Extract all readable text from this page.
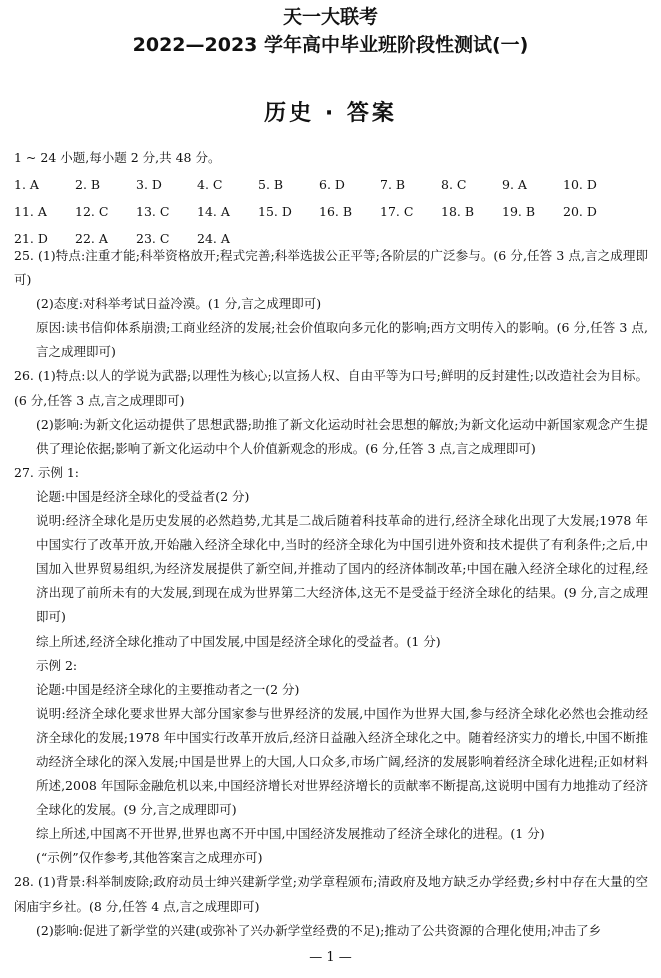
天一大联考
2022—2023 学年高中毕业班阶段性测试(一)
历史 · 答案
1 ~ 24 小题,每小题 2 分,共 48 分。
1. A	2. B	3. D	4. C	5. B	6. D	7. B	8. C	9. A	10. D
11. A	12. C	13. C	14. A	15. D	16. B	17. C	18. B	19. B	20. D
21. D	22. A	23. C	24. A

25. (1)特点:注重才能;科举资格放开;程式完善;科举选拔公正平等;各阶层的广泛参与。(6 分,任答 3 点,言之成理即可)

(2)态度:对科举考试日益冷漠。(1 分,言之成理即可)

原因:读书信仰体系崩溃;工商业经济的发展;社会价值取向多元化的影响;西方文明传入的影响。(6 分,任答 3 点,言之成理即可)

26. (1)特点:以人的学说为武器;以理性为核心;以宣扬人权、自由平等为口号;鲜明的反封建性;以改造社会为目标。(6 分,任答 3 点,言之成理即可)

(2)影响:为新文化运动提供了思想武器;助推了新文化运动时社会思想的解放;为新文化运动中新国家观念产生提供了理论依据;影响了新文化运动中个人价值新观念的形成。(6 分,任答 3 点,言之成理即可)

27. 示例 1:

论题:中国是经济全球化的受益者(2 分)

说明:经济全球化是历史发展的必然趋势,尤其是二战后随着科技革命的进行,经济全球化出现了大发展;1978 年中国实行了改革开放,开始融入经济全球化中,当时的经济全球化为中国引进外资和技术提供了有利条件;之后,中国加入世界贸易组织,为经济发展提供了新空间,并推动了国内的经济体制改革;中国在融入经济全球化的过程,经济出现了前所未有的大发展,到现在成为世界第二大经济体,这无不是受益于经济全球化的结果。(9 分,言之成理即可)

综上所述,经济全球化推动了中国发展,中国是经济全球化的受益者。(1 分)

示例 2:

论题:中国是经济全球化的主要推动者之一(2 分)

说明:经济全球化要求世界大部分国家参与世界经济的发展,中国作为世界大国,参与经济全球化必然也会推动经济全球化的发展;1978 年中国实行改革开放后,经济日益融入经济全球化之中。随着经济实力的增长,中国不断推动经济全球化的深入发展;中国是世界上的大国,人口众多,市场广阔,经济的发展影响着经济全球化进程;正如材料所述,2008 年国际金融危机以来,中国经济增长对世界经济增长的贡献率不断提高,这说明中国有力地推动了经济全球化的发展。(9 分,言之成理即可)

综上所述,中国离不开世界,世界也离不开中国,中国经济发展推动了经济全球化的进程。(1 分)

(“示例”仅作参考,其他答案言之成理亦可)

28. (1)背景:科举制废除;政府动员士绅兴建新学堂;劝学章程颁布;清政府及地方缺乏办学经费;乡村中存在大量的空闲庙宇乡社。(8 分,任答 4 点,言之成理即可)

(2)影响:促进了新学堂的兴建(或弥补了兴办新学堂经费的不足);推动了公共资源的合理化使用;冲击了乡

— 1 —
